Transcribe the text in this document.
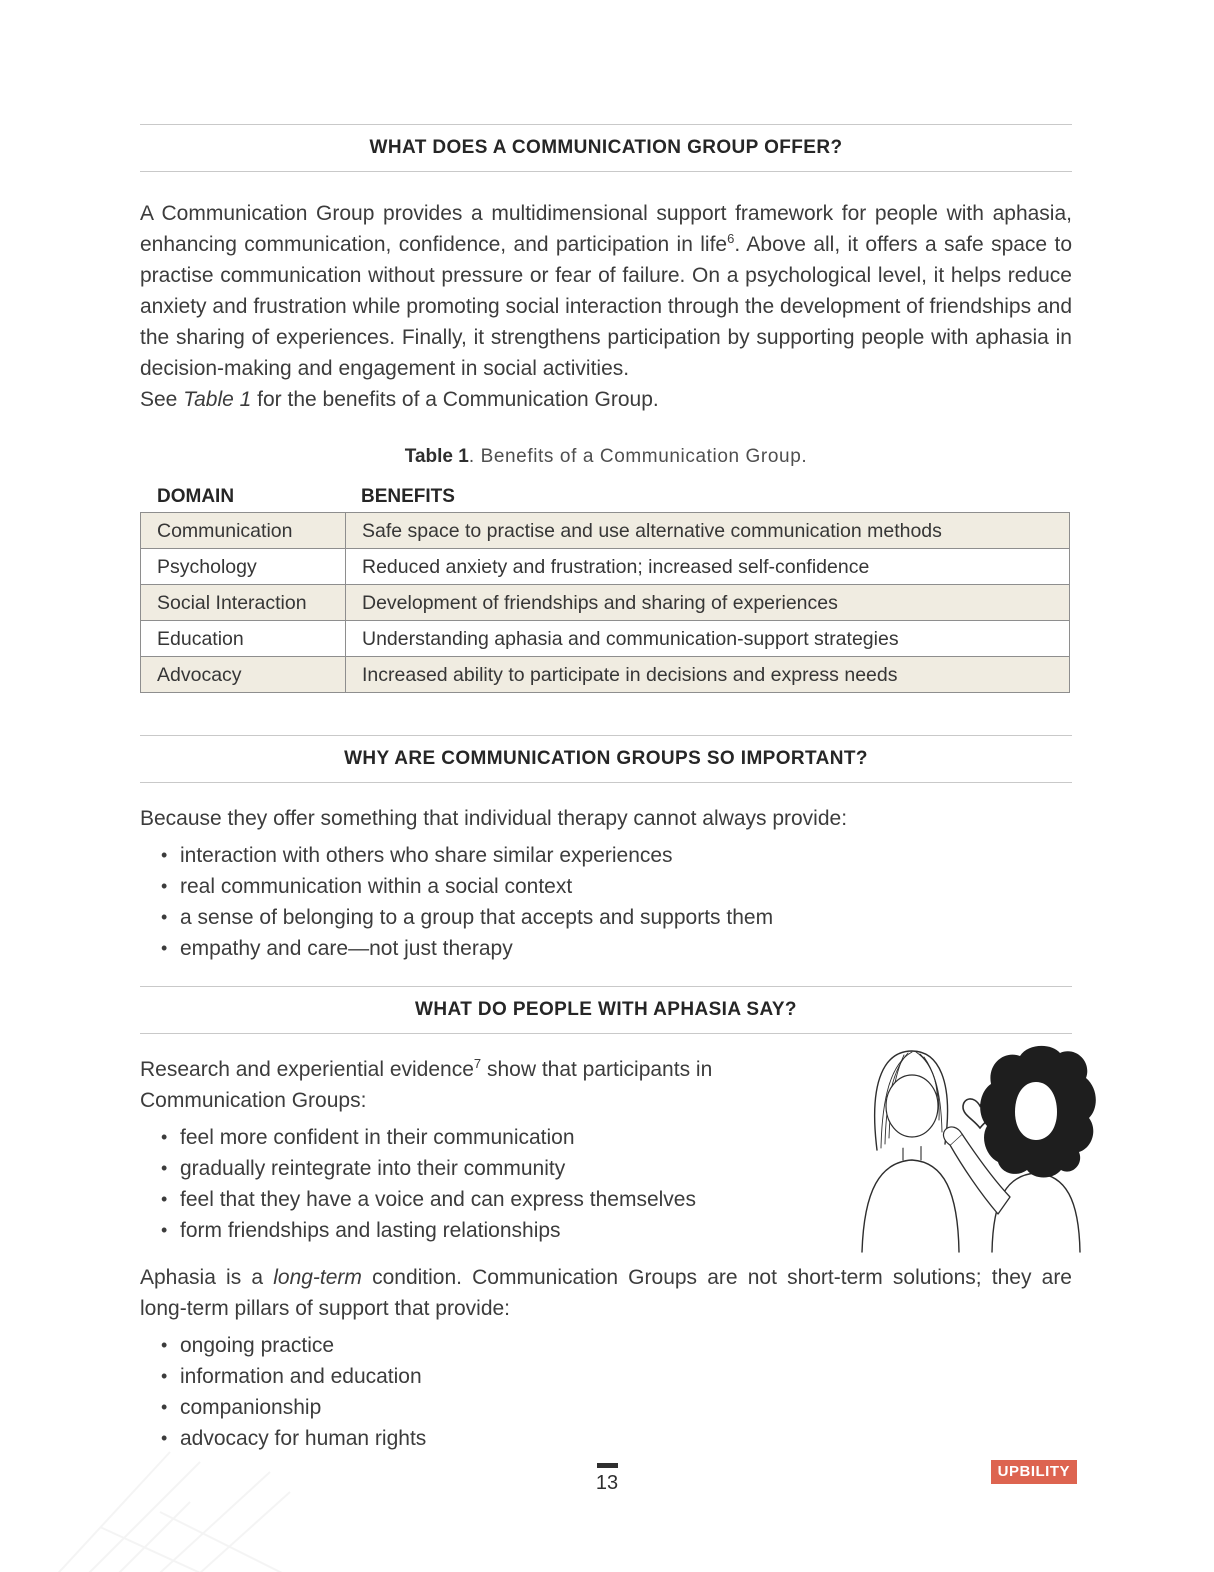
WHAT DOES A COMMUNICATION GROUP OFFER?
A Communication Group provides a multidimensional support framework for people with aphasia, enhancing communication, confidence, and participation in life$^6$. Above all, it offers a safe space to practise communication without pressure or fear of failure. On a psychological level, it helps reduce anxiety and frustration while promoting social interaction through the development of friendships and the sharing of experiences. Finally, it strengthens participation by supporting people with aphasia in decision-making and engagement in social activities.
See Table 1 for the benefits of a Communication Group.
Table 1. Benefits of a Communication Group.
DOMAIN	BENEFITS
Communication	Safe space to practise and use alternative communication methods
Psychology	Reduced anxiety and frustration; increased self-confidence
Social Interaction	Development of friendships and sharing of experiences
Education	Understanding aphasia and communication-support strategies
Advocacy	Increased ability to participate in decisions and express needs
WHY ARE COMMUNICATION GROUPS SO IMPORTANT?
Because they offer something that individual therapy cannot always provide:
• interaction with others who share similar experiences
• real communication within a social context
• a sense of belonging to a group that accepts and supports them
• empathy and care—not just therapy
WHAT DO PEOPLE WITH APHASIA SAY?
Research and experiential evidence$^7$ show that participants in Communication Groups:
• feel more confident in their communication
• gradually reintegrate into their community
• feel that they have a voice and can express themselves
• form friendships and lasting relationships
Aphasia is a long-term condition. Communication Groups are not short-term solutions; they are long-term pillars of support that provide:
• ongoing practice
• information and education
• companionship
• advocacy for human rights
13
UPBILITY
